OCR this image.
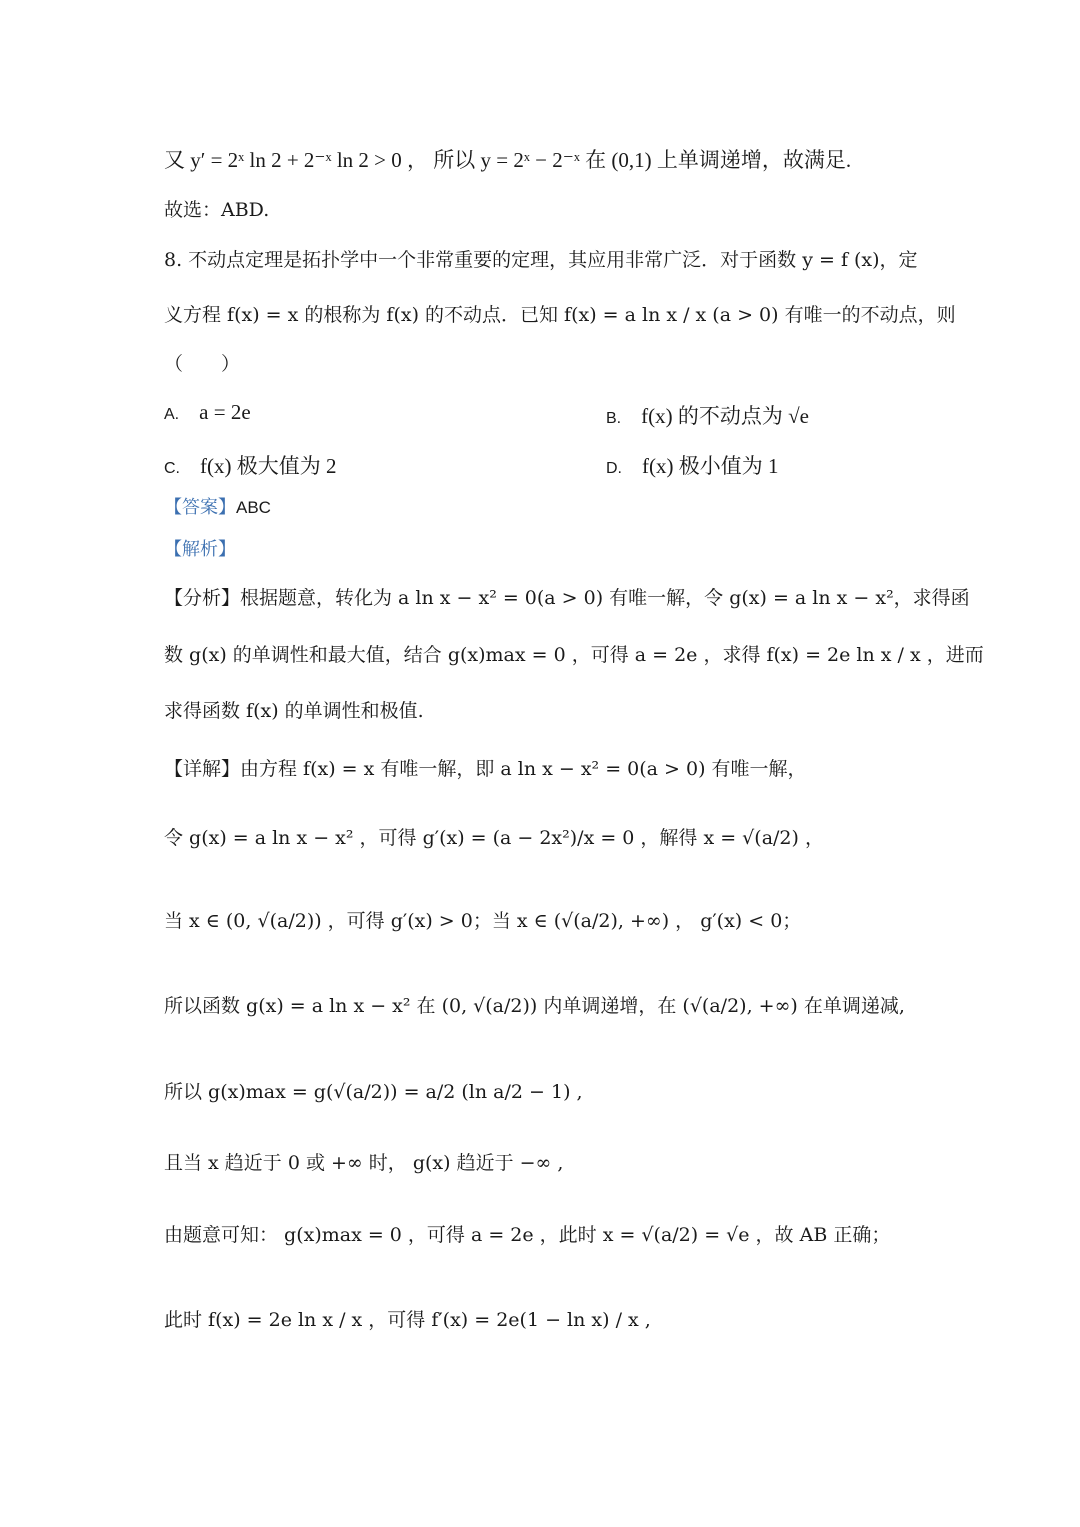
又 y′ = 2ˣ ln 2 + 2⁻ˣ ln 2 > 0 ， 所以 y = 2ˣ − 2⁻ˣ 在 (0,1) 上单调递增，故满足.
故选：ABD.
8. 不动点定理是拓扑学中一个非常重要的定理，其应用非常广泛．对于函数 y = f (x)，定
义方程 f(x) = x 的根称为 f(x) 的不动点．已知 f(x) = a ln x / x (a > 0) 有唯一的不动点，则
（　　）
A. a = 2e	B. f(x) 的不动点为 √e
C. f(x) 极大值为 2	D. f(x) 极小值为 1
【答案】ABC
【解析】
【分析】根据题意，转化为 a ln x − x² = 0(a > 0) 有唯一解，令 g(x) = a ln x − x²，求得函
数 g(x) 的单调性和最大值，结合 g(x)max = 0 ，可得 a = 2e ，求得 f(x) = 2e ln x / x ，进而
求得函数 f(x) 的单调性和极值.
【详解】由方程 f(x) = x 有唯一解，即 a ln x − x² = 0(a > 0) 有唯一解，
令 g(x) = a ln x − x² ，可得 g′(x) = (a − 2x²)/x = 0 ，解得 x = √(a/2) ，
当 x ∈ (0, √(a/2)) ，可得 g′(x) > 0；当 x ∈ (√(a/2), +∞) ， g′(x) < 0；
所以函数 g(x) = a ln x − x² 在 (0, √(a/2)) 内单调递增，在 (√(a/2), +∞) 在单调递减,
所以 g(x)max = g(√(a/2)) = a/2 (ln a/2 − 1) ,
且当 x 趋近于 0 或 +∞ 时， g(x) 趋近于 −∞ ,
由题意可知： g(x)max = 0 ，可得 a = 2e ，此时 x = √(a/2) = √e ，故 AB 正确；
此时 f(x) = 2e ln x / x ，可得 f′(x) = 2e(1 − ln x) / x ,
